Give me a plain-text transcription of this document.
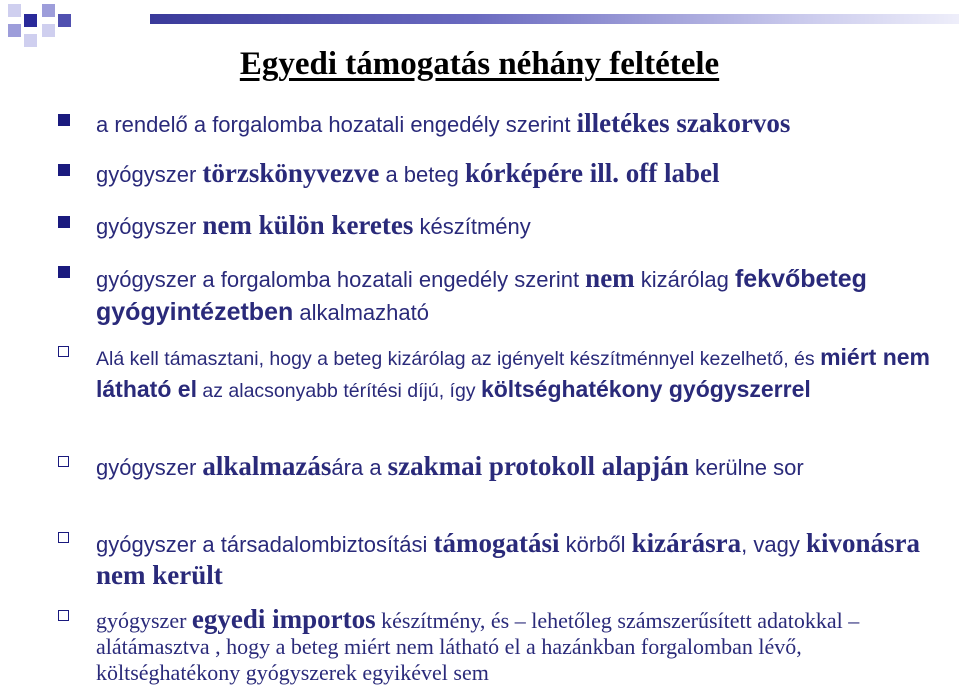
Egyedi támogatás néhány feltétele
a rendelő a forgalomba hozatali engedély szerint illetékes szakorvos
gyógyszer törzskönyvezve a beteg kórképére ill. off label
gyógyszer nem külön keretes készítmény
gyógyszer a forgalomba hozatali engedély szerint nem kizárólag fekvőbeteg gyógyintézetben alkalmazható
Alá kell támasztani, hogy a beteg kizárólag az igényelt készítménnyel kezelhető, és miért nem látható el az alacsonyabb térítési díjú, így költséghatékony gyógyszerrel
gyógyszer alkalmazására a szakmai protokoll alapján kerülne sor
gyógyszer a társadalombiztosítási támogatási körből kizárásra, vagy kivonásra nem került
gyógyszer egyedi importos készítmény, és – lehetőleg számszerűsített adatokkal – alátámasztva , hogy a beteg miért nem látható el a hazánkban forgalomban lévő, költséghatékony gyógyszerek egyikével sem
